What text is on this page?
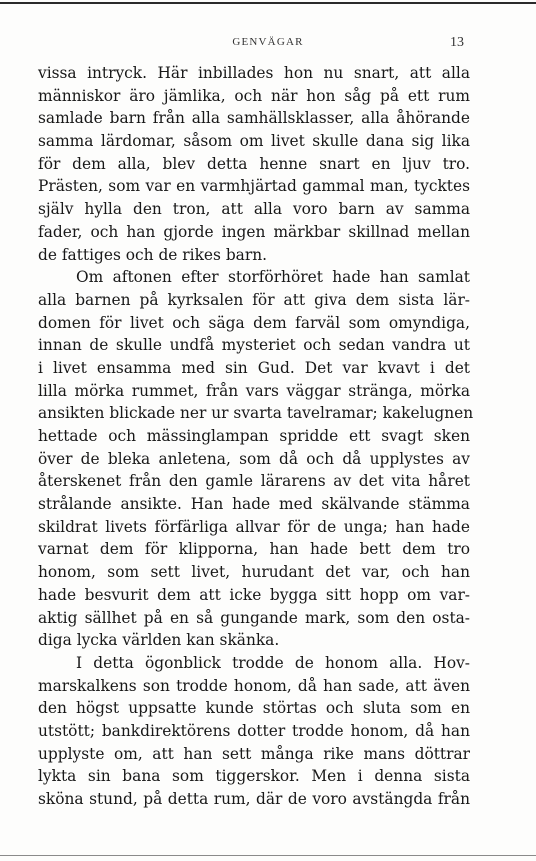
GENVÄGAR	13
vissa intryck. Här inbillades hon nu snart, att alla
människor äro jämlika, och när hon såg på ett rum
samlade barn från alla samhällsklasser, alla åhörande
samma lärdomar, såsom om livet skulle dana sig lika
för dem alla, blev detta henne snart en ljuv tro.
Prästen, som var en varmhjärtad gammal man, tycktes
själv hylla den tron, att alla voro barn av samma
fader, och han gjorde ingen märkbar skillnad mellan
de fattiges och de rikes barn.
Om aftonen efter storförhöret hade han samlat
alla barnen på kyrksalen för att giva dem sista lär-
domen för livet och säga dem farväl som omyndiga,
innan de skulle undfå mysteriet och sedan vandra ut
i livet ensamma med sin Gud. Det var kvavt i det
lilla mörka rummet, från vars väggar stränga, mörka
ansikten blickade ner ur svarta tavelramar; kakelugnen
hettade och mässinglampan spridde ett svagt sken
över de bleka anletena, som då och då upplystes av
återskenet från den gamle lärarens av det vita håret
strålande ansikte. Han hade med skälvande stämma
skildrat livets förfärliga allvar för de unga; han hade
varnat dem för klipporna, han hade bett dem tro
honom, som sett livet, hurudant det var, och han
hade besvurit dem att icke bygga sitt hopp om var-
aktig sällhet på en så gungande mark, som den osta-
diga lycka världen kan skänka.
I detta ögonblick trodde de honom alla. Hov-
marskalkens son trodde honom, då han sade, att även
den högst uppsatte kunde störtas och sluta som en
utstött; bankdirektörens dotter trodde honom, då han
upplyste om, att han sett många rike mans döttrar
lykta sin bana som tiggerskor. Men i denna sista
sköna stund, på detta rum, där de voro avstängda från
